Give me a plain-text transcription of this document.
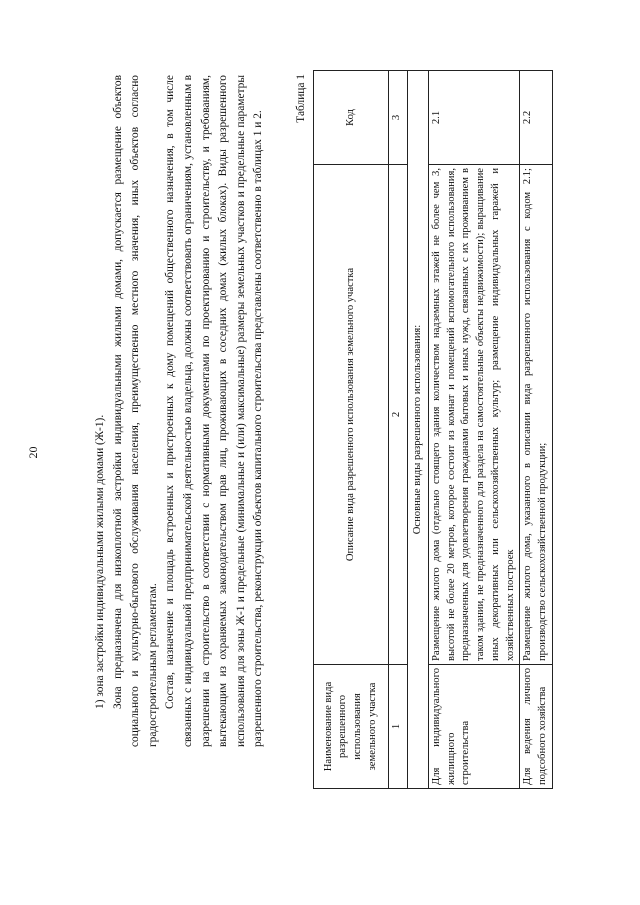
20	1) зона застройки индивидуальными жилыми домами (Ж-1). Зона предназначена для низкоплотной застройки индивидуальными жилыми домами, допускается размещение объектов социального и культурно-бытового обслуживания населения, преимущественно местного значения, иных объектов согласно градостроительным регламентам. Состав, назначение и площадь встроенных и пристроенных к дому помещений общественного назначения, в том числе связанных с индивидуальной предпринимательской деятельностью владельца, должны соответствовать ограничениям, установленным в разрешении на строительство в соответствии с нормативными документами по проектированию и строительству, и требованиям, вытекающим из охраняемых законодательством прав лиц, проживающих в соседних домах (жилых блоках). Виды разрешенного использования для зоны Ж-1 и предельные (минимальные и (или) максимальные) размеры земельных участков и предельные параметры разрешенного строительства, реконструкции объектов капитального строительства представлены соответственно в таблицах 1 и 2.

Таблица 1
Наименование вида разрешенного использования земельного участка	Описание вида разрешенного использования земельного участка	Код
1	2	3
Основные виды разрешенного использования:		
Для индивидуального жилищного строительства	Размещение жилого дома (отдельно стоящего здания количеством надземных этажей не более чем 3, высотой не более 20 метров, которое состоит из комнат и помещений вспомогательного использования, предназначенных для удовлетворения гражданами бытовых и иных нужд, связанных с их проживанием в таком здании, не предназначенного для раздела на самостоятельные объекты недвижимости); выращивание иных декоративных или сельскохозяйственных культур; размещение индивидуальных гаражей и хозяйственных построек	2.1
Для ведения личного подсобного хозяйства	Размещение жилого дома, указанного в описании вида разрешенного использования с кодом 2.1; производство сельскохозяйственной продукции;	2.2
